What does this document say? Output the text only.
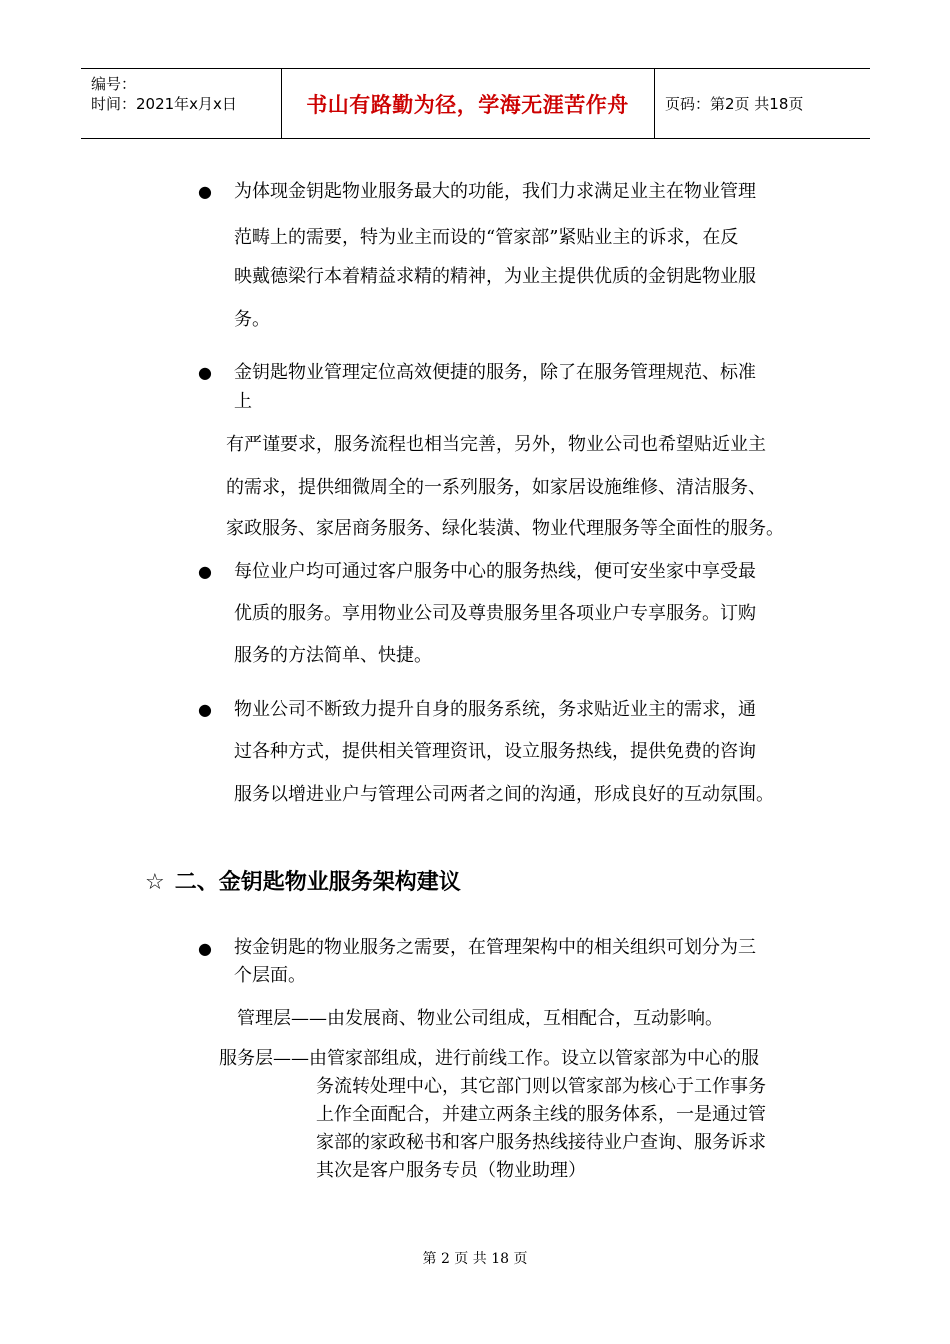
编号：
时间：2021年x月x日	书山有路勤为径，学海无涯苦作舟	页码：第2页 共18页
● 为体现金钥匙物业服务最大的功能，我们力求满足业主在物业管理
范畴上的需要，特为业主而设的“管家部”紧贴业主的诉求，在反
映戴德梁行本着精益求精的精神，为业主提供优质的金钥匙物业服
务。
● 金钥匙物业管理定位高效便捷的服务，除了在服务管理规范、标准
上
有严谨要求，服务流程也相当完善，另外，物业公司也希望贴近业主
的需求，提供细微周全的一系列服务，如家居设施维修、清洁服务、
家政服务、家居商务服务、绿化装潢、物业代理服务等全面性的服务。
● 每位业户均可通过客户服务中心的服务热线，便可安坐家中享受最
优质的服务。享用物业公司及尊贵服务里各项业户专享服务。订购
服务的方法简单、快捷。
● 物业公司不断致力提升自身的服务系统，务求贴近业主的需求，通
过各种方式，提供相关管理资讯，设立服务热线，提供免费的咨询
服务以增进业户与管理公司两者之间的沟通，形成良好的互动氛围。
☆ 二、金钥匙物业服务架构建议
● 按金钥匙的物业服务之需要，在管理架构中的相关组织可划分为三
个层面。
管理层——由发展商、物业公司组成，互相配合，互动影响。
服务层——由管家部组成，进行前线工作。设立以管家部为中心的服
务流转处理中心，其它部门则以管家部为核心于工作事务
上作全面配合，并建立两条主线的服务体系，一是通过管
家部的家政秘书和客户服务热线接待业户查询、服务诉求
其次是客户服务专员（物业助理）
第 2 页 共 18 页
